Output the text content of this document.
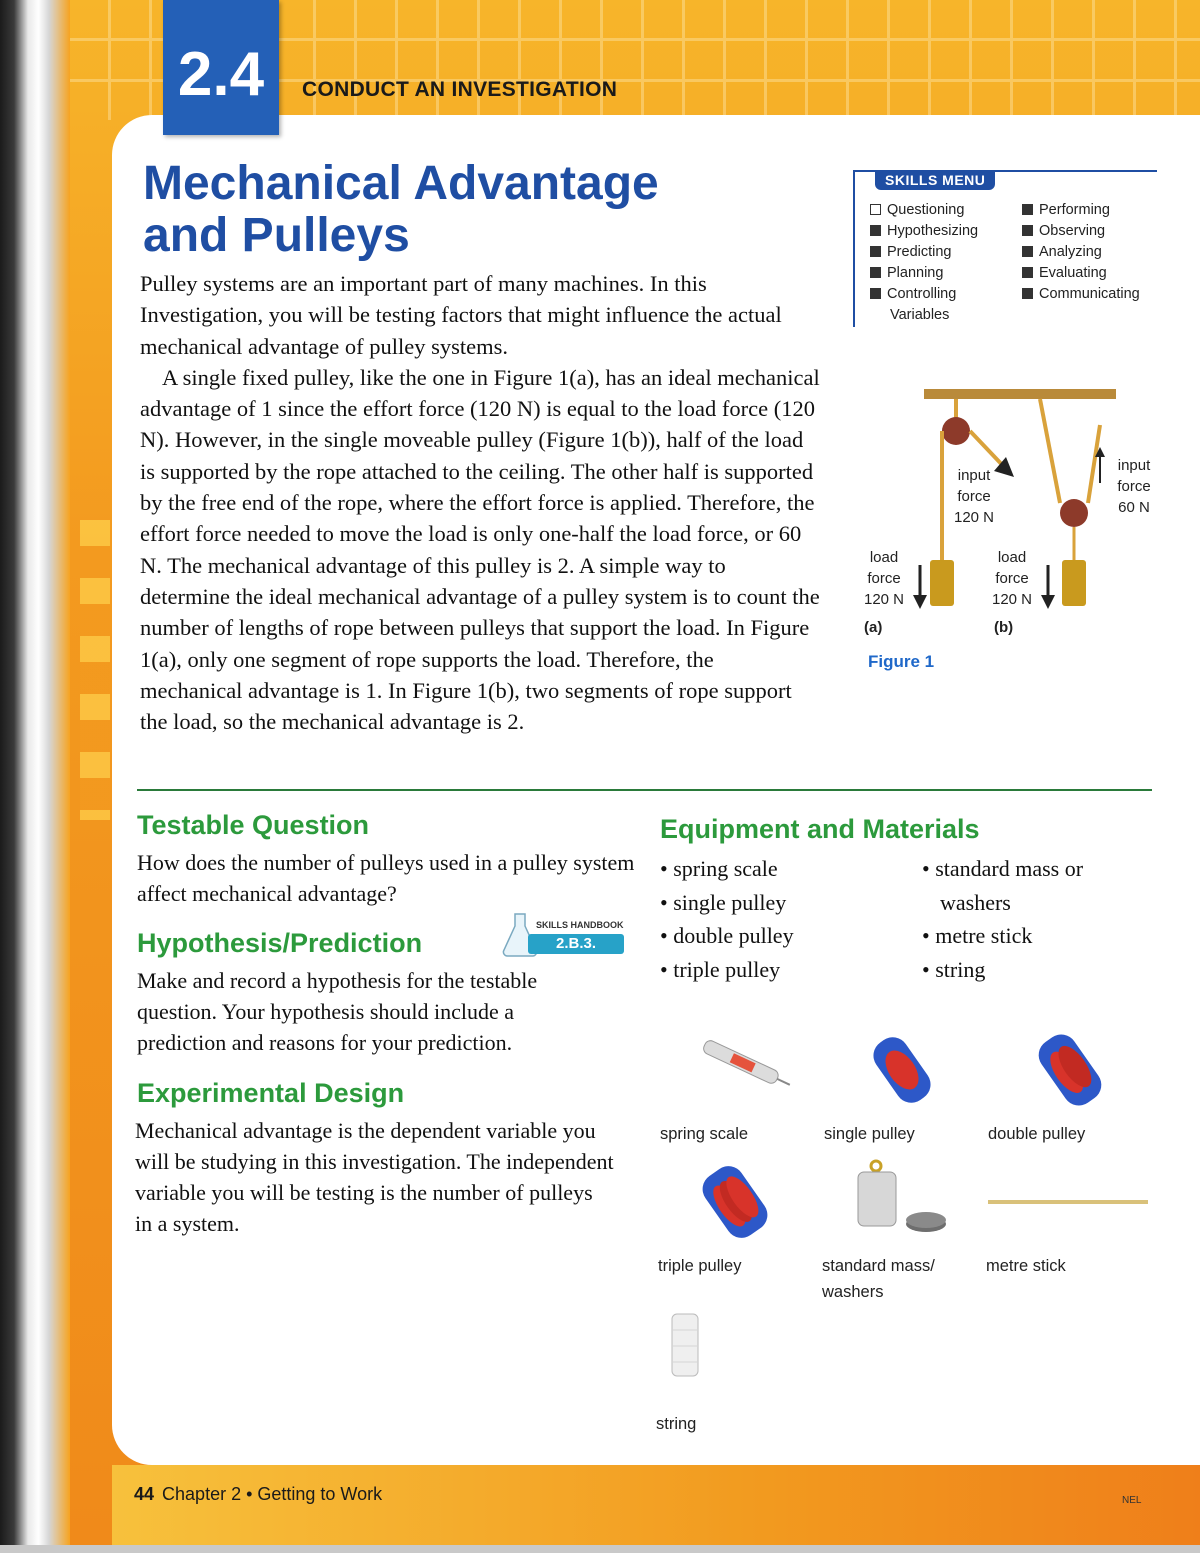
2.4	CONDUCT AN INVESTIGATION
Mechanical Advantage
and Pulleys

Pulley systems are an important part of many machines. In this Investigation, you will be testing factors that might influence the actual mechanical advantage of pulley systems.

A single fixed pulley, like the one in Figure 1(a), has an ideal mechanical advantage of 1 since the effort force (120 N) is equal to the load force (120 N). However, in the single moveable pulley (Figure 1(b)), half of the load is supported by the rope attached to the ceiling. The other half is supported by the free end of the rope, where the effort force is applied. Therefore, the effort force needed to move the load is only one-half the load force, or 60 N. The mechanical advantage of this pulley is 2. A simple way to determine the ideal mechanical advantage of a pulley system is to count the number of lengths of rope between pulleys that support the load. In Figure 1(a), only one segment of rope supports the load. Therefore, the mechanical advantage is 1. In Figure 1(b), two segments of rope support the load, so the mechanical advantage is 2.

SKILLS MENU
Questioning
Hypothesizing
Predicting
Planning
Controlling
Variables
Performing
Observing
Analyzing
Evaluating
Communicating
input
force
120 N
load
force
120 N
input
force
60 N
load
force
120 N
(a)	(b)
Figure 1
Testable Question
How does the number of pulleys used in a pulley system affect mechanical advantage?
Hypothesis/Prediction
SKILLS HANDBOOK
2.B.3.
Make and record a hypothesis for the testable question. Your hypothesis should include a prediction and reasons for your prediction.
Experimental Design
Mechanical advantage is the dependent variable you will be studying in this investigation. The independent variable you will be testing is the number of pulleys in a system.
Equipment and Materials
• spring scale
• single pulley
• double pulley
• triple pulley
• standard mass or
washers
• metre stick
• string
spring scale	single pulley	double pulley
triple pulley	standard mass/
washers
metre stick
string
44 Chapter 2 • Getting to Work	NEL
